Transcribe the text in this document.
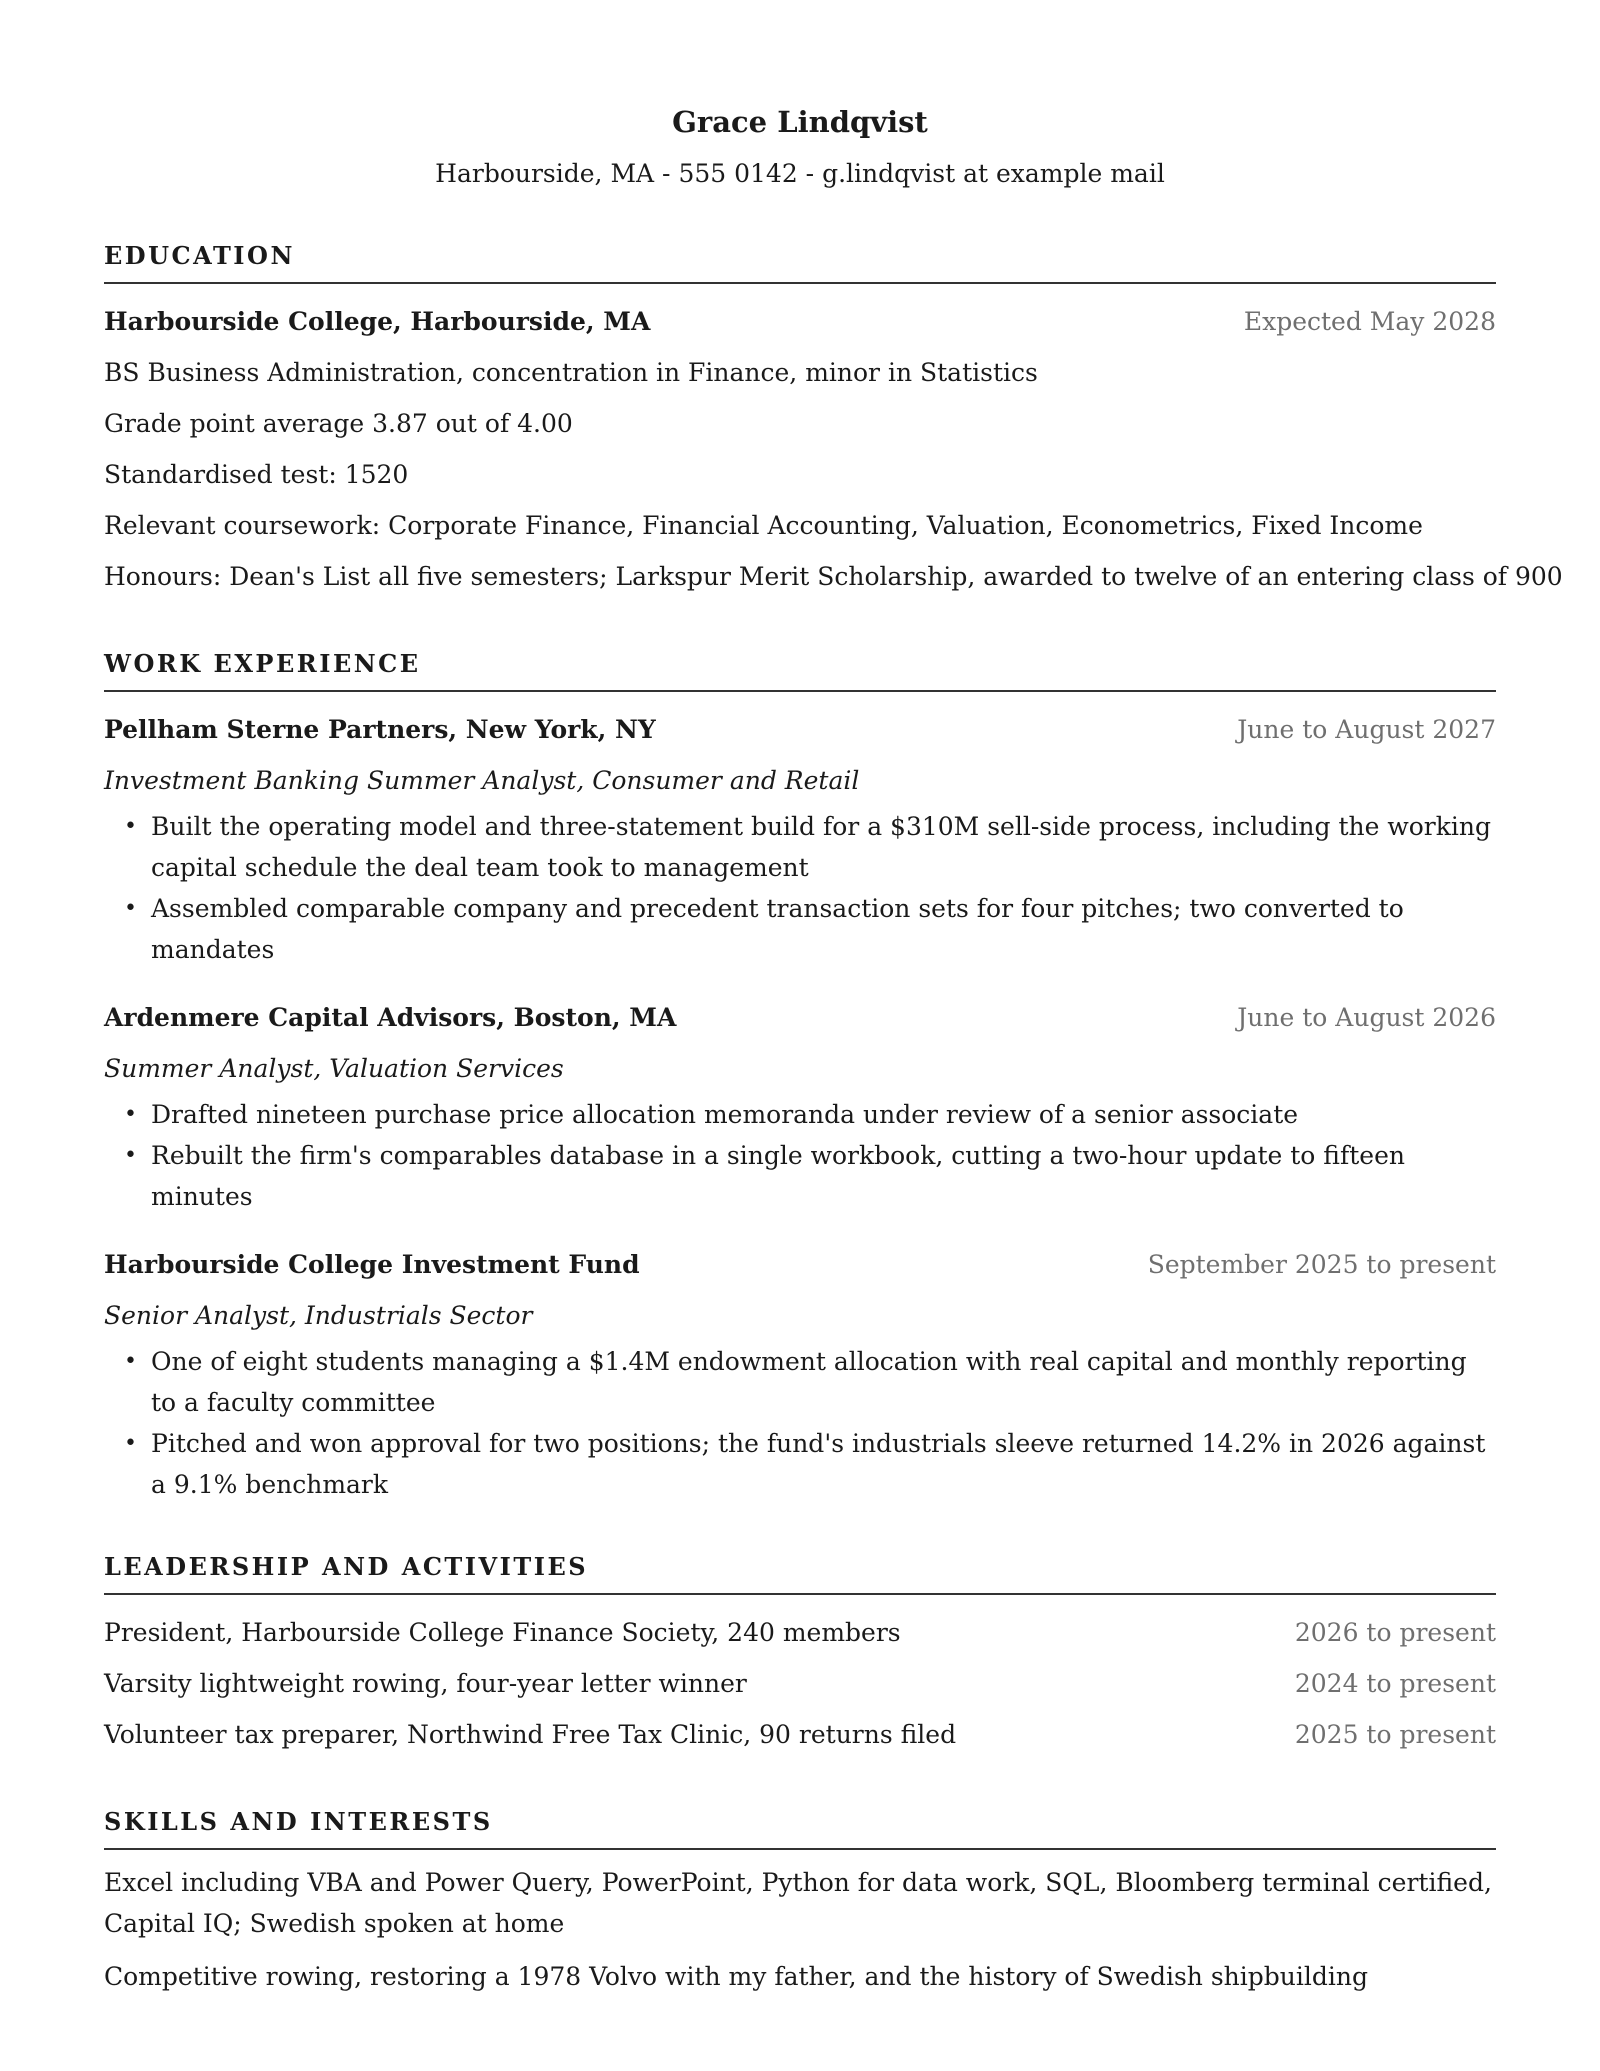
Grace Lindqvist
Harbourside, MA - 555 0142 - g.lindqvist at example mail
EDUCATION
Harbourside College, Harbourside, MA	Expected May 2028
BS Business Administration, concentration in Finance, minor in Statistics
Grade point average 3.87 out of 4.00
Standardised test: 1520
Relevant coursework: Corporate Finance, Financial Accounting, Valuation, Econometrics, Fixed Income
Honours: Dean's List all five semesters; Larkspur Merit Scholarship, awarded to twelve of an entering class of 900
WORK EXPERIENCE
Pellham Sterne Partners, New York, NY	June to August 2027
Investment Banking Summer Analyst, Consumer and Retail
• Built the operating model and three-statement build for a $310M sell-side process, including the working capital schedule the deal team took to management
• Assembled comparable company and precedent transaction sets for four pitches; two converted to mandates
Ardenmere Capital Advisors, Boston, MA	June to August 2026
Summer Analyst, Valuation Services
• Drafted nineteen purchase price allocation memoranda under review of a senior associate
• Rebuilt the firm's comparables database in a single workbook, cutting a two-hour update to fifteen minutes
Harbourside College Investment Fund	September 2025 to present
Senior Analyst, Industrials Sector
• One of eight students managing a $1.4M endowment allocation with real capital and monthly reporting to a faculty committee
• Pitched and won approval for two positions; the fund's industrials sleeve returned 14.2% in 2026 against a 9.1% benchmark
LEADERSHIP AND ACTIVITIES
President, Harbourside College Finance Society, 240 members	2026 to present
Varsity lightweight rowing, four-year letter winner	2024 to present
Volunteer tax preparer, Northwind Free Tax Clinic, 90 returns filed	2025 to present
SKILLS AND INTERESTS
Excel including VBA and Power Query, PowerPoint, Python for data work, SQL, Bloomberg terminal certified, Capital IQ; Swedish spoken at home
Competitive rowing, restoring a 1978 Volvo with my father, and the history of Swedish shipbuilding
